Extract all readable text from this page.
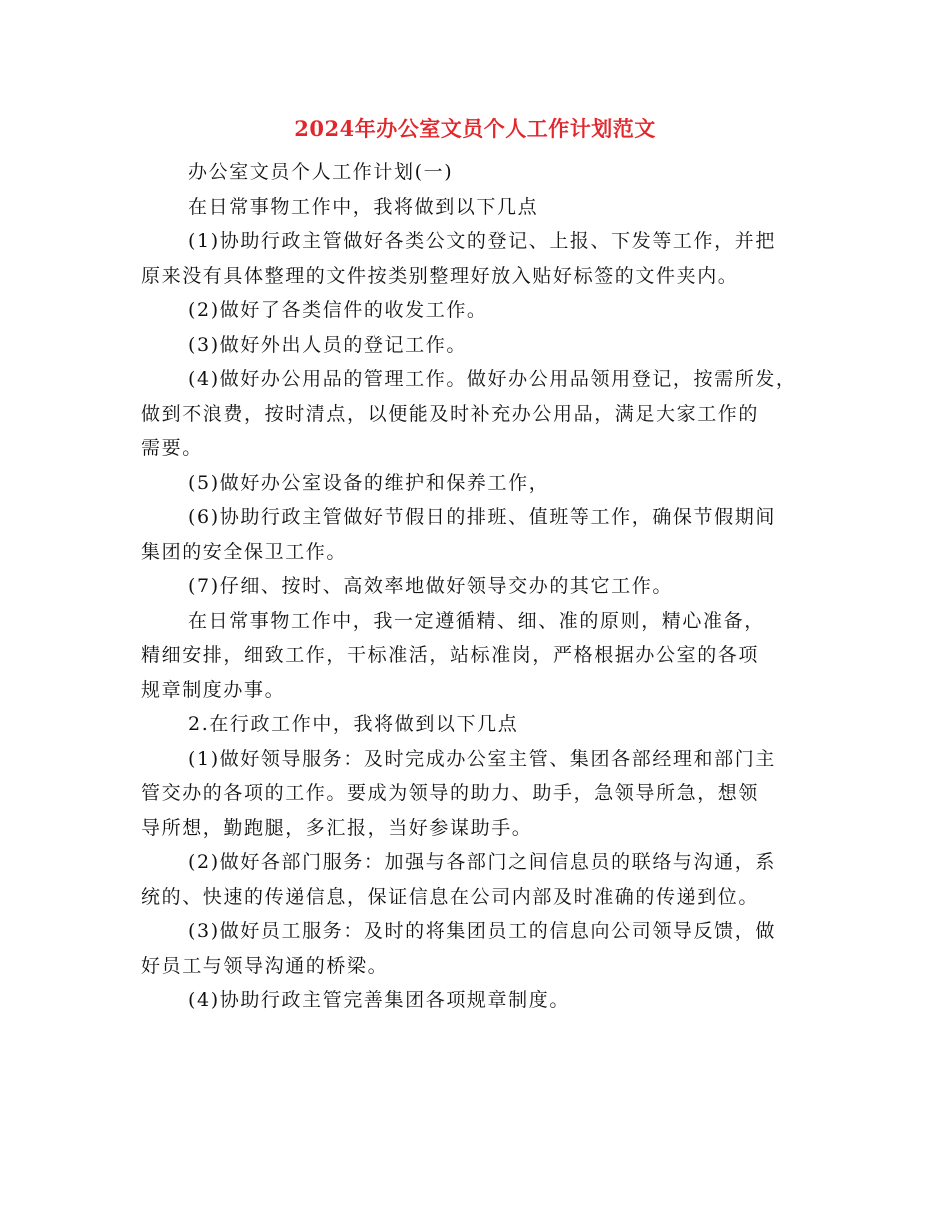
2024年办公室文员个人工作计划范文
办公室文员个人工作计划(一)
在日常事物工作中，我将做到以下几点
(1)协助行政主管做好各类公文的登记、上报、下发等工作，并把
原来没有具体整理的文件按类别整理好放入贴好标签的文件夹内。
(2)做好了各类信件的收发工作。
(3)做好外出人员的登记工作。
(4)做好办公用品的管理工作。做好办公用品领用登记，按需所发，
做到不浪费，按时清点，以便能及时补充办公用品，满足大家工作的
需要。
(5)做好办公室设备的维护和保养工作，
(6)协助行政主管做好节假日的排班、值班等工作，确保节假期间
集团的安全保卫工作。
(7)仔细、按时、高效率地做好领导交办的其它工作。
在日常事物工作中，我一定遵循精、细、准的原则，精心准备，
精细安排，细致工作，干标准活，站标准岗，严格根据办公室的各项
规章制度办事。
2.在行政工作中，我将做到以下几点
(1)做好领导服务：及时完成办公室主管、集团各部经理和部门主
管交办的各项的工作。要成为领导的助力、助手，急领导所急，想领
导所想，勤跑腿，多汇报，当好参谋助手。
(2)做好各部门服务：加强与各部门之间信息员的联络与沟通，系
统的、快速的传递信息，保证信息在公司内部及时准确的传递到位。
(3)做好员工服务：及时的将集团员工的信息向公司领导反馈，做
好员工与领导沟通的桥梁。
(4)协助行政主管完善集团各项规章制度。
